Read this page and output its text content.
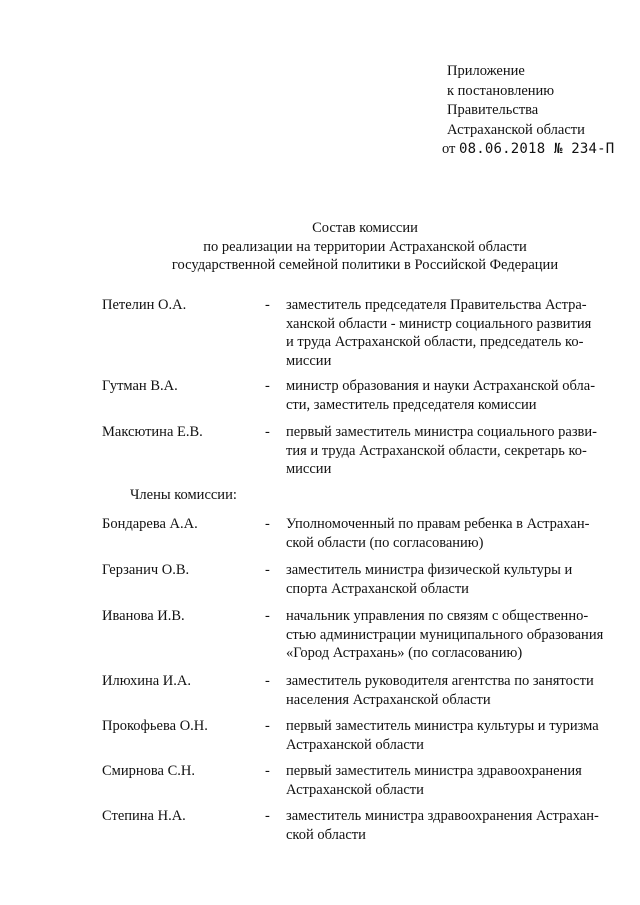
Приложение
к постановлению
Правительства
Астраханской области
от 08.06.2018 № 234-П
Состав комиссии
по реализации на территории Астраханской области
государственной семейной политики в Российской Федерации
Петелин О.А.	- заместитель председателя Правительства Астра-
ханской области - министр социального развития
и труда Астраханской области, председатель ко-
миссии
Гутман В.А.	- министр образования и науки Астраханской обла-
сти, заместитель председателя комиссии
Максютина Е.В.	- первый заместитель министра социального разви-
тия и труда Астраханской области, секретарь ко-
миссии
Члены комиссии:
Бондарева А.А.	- Уполномоченный по правам ребенка в Астрахан-
ской области (по согласованию)
Герзанич О.В.	- заместитель министра физической культуры и
спорта Астраханской области
Иванова И.В.	- начальник управления по связям с общественно-
стью администрации муниципального образования
«Город Астрахань» (по согласованию)
Илюхина И.А.	- заместитель руководителя агентства по занятости
населения Астраханской области
Прокофьева О.Н.	- первый заместитель министра культуры и туризма
Астраханской области
Смирнова С.Н.	- первый заместитель министра здравоохранения
Астраханской области
Степина Н.А.	- заместитель министра здравоохранения Астрахан-
ской области
